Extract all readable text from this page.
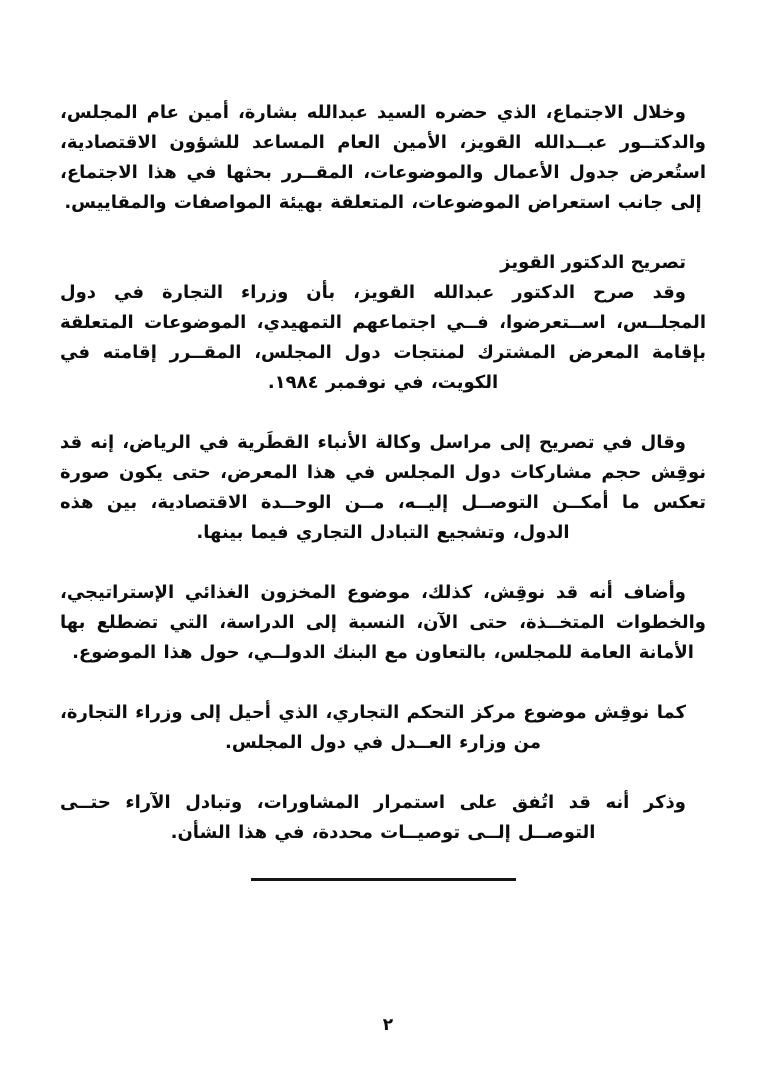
وخلال الاجتماع، الذي حضره السيد عبدالله بشارة، أمين عام المجلس، والدكتــور عبــدالله القويز، الأمين العام المساعد للشؤون الاقتصادية، استُعرض جدول الأعمال والموضوعات، المقــرر بحثها في هذا الاجتماع، إلى جانب استعراض الموضوعات، المتعلقة بهيئة المواصفات والمقاييس.

تصريح الدكتور القويز

وقد صرح الدكتور عبدالله القويز، بأن وزراء التجارة في دول المجلــس، اســتعرضوا، فــي اجتماعهم التمهيدي، الموضوعات المتعلقة بإقامة المعرض المشترك لمنتجات دول المجلس، المقــرر إقامته في الكويت، في نوفمبر ١٩٨٤.

وقال في تصريح إلى مراسل وكالة الأنباء القطَرية في الرياض، إنه قد نوقِش حجم مشاركات دول المجلس في هذا المعرض، حتى يكون صورة تعكس ما أمكــن التوصــل إليــه، مــن الوحــدة الاقتصادية، بين هذه الدول، وتشجيع التبادل التجاري فيما بينها.

وأضاف أنه قد نوقِش، كذلك، موضوع المخزون الغذائي الإستراتيجي، والخطوات المتخــذة، حتى الآن، النسبة إلى الدراسة، التي تضطلع بها الأمانة العامة للمجلس، بالتعاون مع البنك الدولــي، حول هذا الموضوع.

كما نوقِش موضوع مركز التحكم التجاري، الذي أحيل إلى وزراء التجارة، من وزارء العــدل في دول المجلس.

وذكر أنه قد اتُفق على استمرار المشاورات، وتبادل الآراء حتــى التوصــل إلــى توصيــات محددة، في هذا الشأن.

٢
